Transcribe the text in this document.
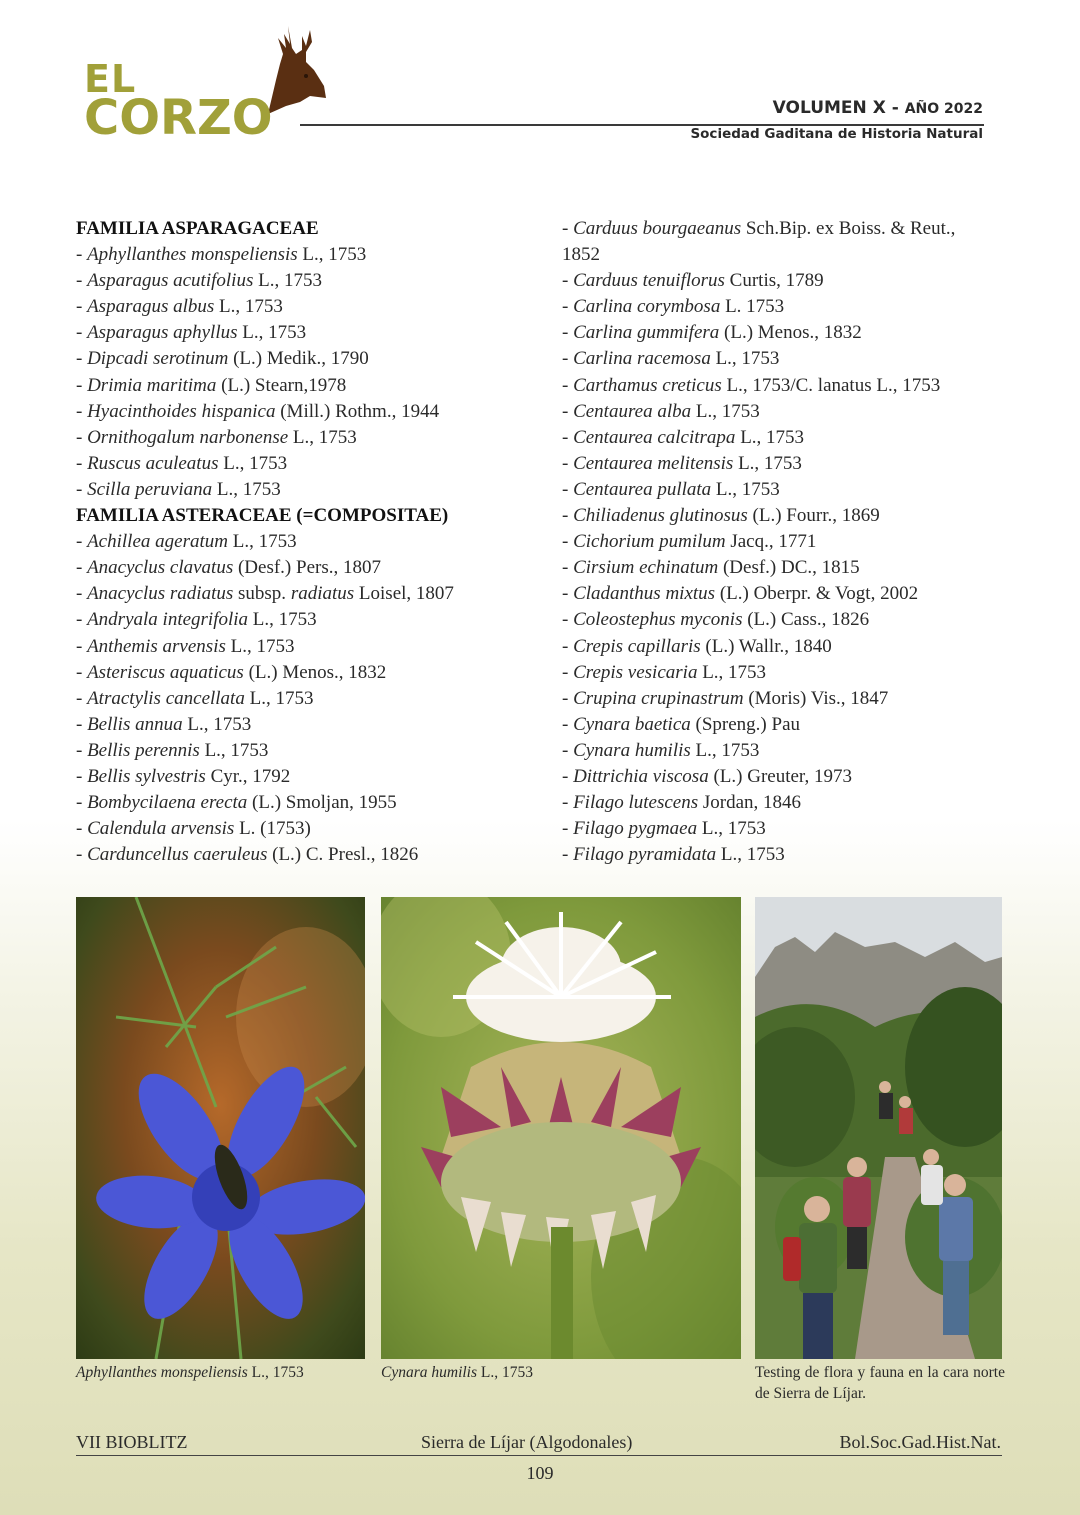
EL
CORZO	VOLUMEN X - AÑO 2022
Sociedad Gaditana de Historia Natural
FAMILIA ASPARAGACEAE
- Aphyllanthes monspeliensis L., 1753
- Asparagus acutifolius L., 1753
- Asparagus albus L., 1753
- Asparagus aphyllus L., 1753
- Dipcadi serotinum (L.) Medik., 1790
- Drimia maritima (L.) Stearn,1978
- Hyacinthoides hispanica (Mill.) Rothm., 1944
- Ornithogalum narbonense L., 1753
- Ruscus aculeatus L., 1753
- Scilla peruviana L., 1753
FAMILIA ASTERACEAE (=COMPOSITAE)
- Achillea ageratum L., 1753
- Anacyclus clavatus (Desf.) Pers., 1807
- Anacyclus radiatus subsp. radiatus Loisel, 1807
- Andryala integrifolia L., 1753
- Anthemis arvensis L., 1753
- Asteriscus aquaticus (L.) Menos., 1832
- Atractylis cancellata L., 1753
- Bellis annua L., 1753
- Bellis perennis L., 1753
- Bellis sylvestris Cyr., 1792
- Bombycilaena erecta (L.) Smoljan, 1955
- Calendula arvensis L. (1753)
- Carduncellus caeruleus (L.) C. Presl., 1826
- Carduus bourgaeanus Sch.Bip. ex Boiss. & Reut., 1852
- Carduus tenuiflorus Curtis, 1789
- Carlina corymbosa L. 1753
- Carlina gummifera (L.) Menos., 1832
- Carlina racemosa L., 1753
- Carthamus creticus L., 1753/C. lanatus L., 1753
- Centaurea alba L., 1753
- Centaurea calcitrapa L., 1753
- Centaurea melitensis L., 1753
- Centaurea pullata L., 1753
- Chiliadenus glutinosus (L.) Fourr., 1869
- Cichorium pumilum Jacq., 1771
- Cirsium echinatum (Desf.) DC., 1815
- Cladanthus mixtus (L.) Oberpr. & Vogt, 2002
- Coleostephus myconis (L.) Cass., 1826
- Crepis capillaris (L.) Wallr., 1840
- Crepis vesicaria L., 1753
- Crupina crupinastrum (Moris) Vis., 1847
- Cynara baetica (Spreng.) Pau
- Cynara humilis L., 1753
- Dittrichia viscosa (L.) Greuter, 1973
- Filago lutescens Jordan, 1846
- Filago pygmaea L., 1753
- Filago pyramidata L., 1753
Aphyllanthes monspeliensis L., 1753	Cynara humilis L., 1753	Testing de flora y fauna en la cara norte de Sierra de Líjar.
VII BIOBLITZ	Sierra de Líjar (Algodonales)	Bol.Soc.Gad.Hist.Nat.
109
